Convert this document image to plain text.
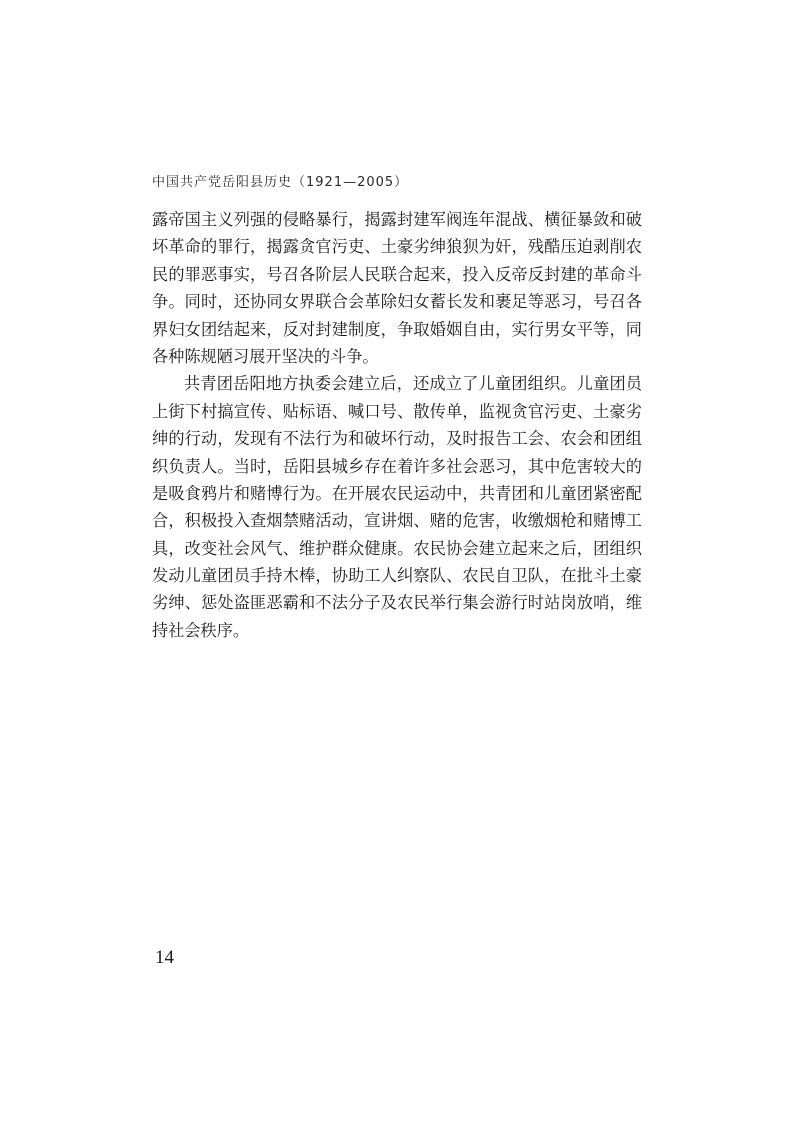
中国共产党岳阳县历史（1921—2005）
露帝国主义列强的侵略暴行，揭露封建军阀连年混战、横征暴敛和破
坏革命的罪行，揭露贪官污吏、土豪劣绅狼狈为奸，残酷压迫剥削农
民的罪恶事实，号召各阶层人民联合起来，投入反帝反封建的革命斗
争。同时，还协同女界联合会革除妇女蓄长发和裹足等恶习，号召各
界妇女团结起来，反对封建制度，争取婚姻自由，实行男女平等，同
各种陈规陋习展开坚决的斗争。
共青团岳阳地方执委会建立后，还成立了儿童团组织。儿童团员
上街下村搞宣传、贴标语、喊口号、散传单，监视贪官污吏、土豪劣
绅的行动，发现有不法行为和破坏行动，及时报告工会、农会和团组
织负责人。当时，岳阳县城乡存在着许多社会恶习，其中危害较大的
是吸食鸦片和赌博行为。在开展农民运动中，共青团和儿童团紧密配
合，积极投入查烟禁赌活动，宣讲烟、赌的危害，收缴烟枪和赌博工
具，改变社会风气、维护群众健康。农民协会建立起来之后，团组织
发动儿童团员手持木棒，协助工人纠察队、农民自卫队，在批斗土豪
劣绅、惩处盗匪恶霸和不法分子及农民举行集会游行时站岗放哨，维
持社会秩序。
14
